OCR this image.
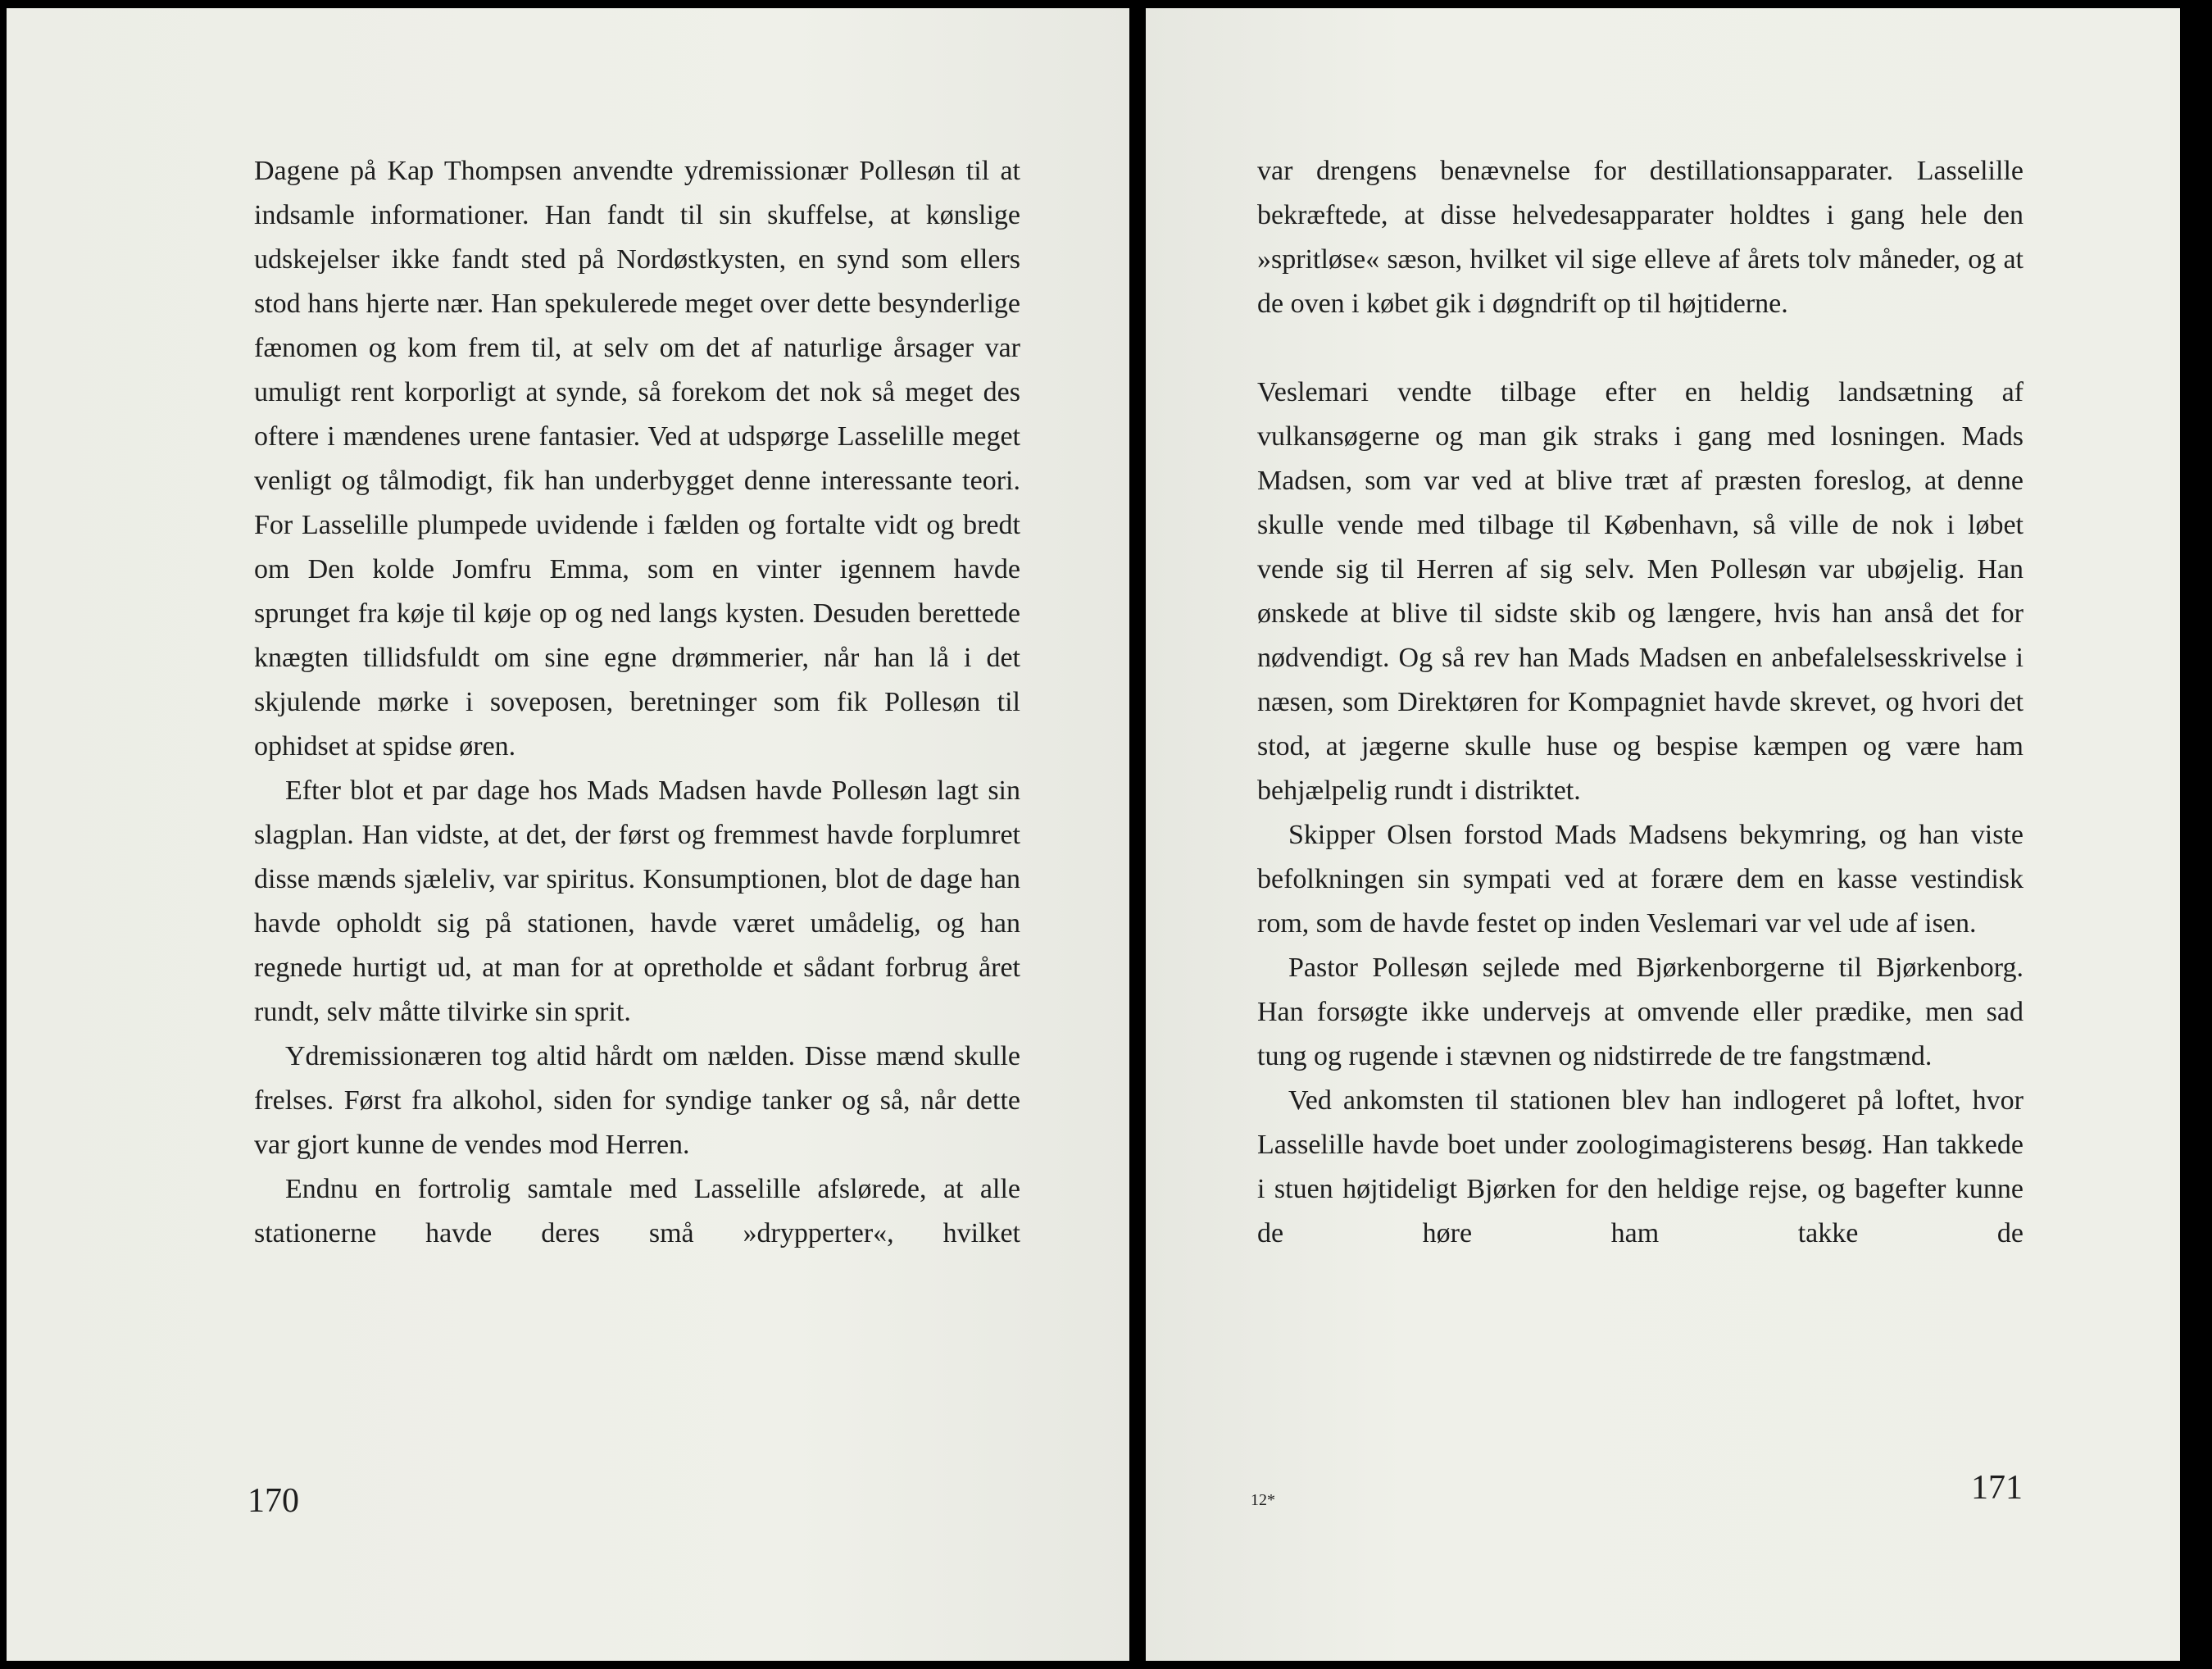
Dagene på Kap Thompsen anvendte ydremissionær Pollesøn til at indsamle informationer. Han fandt til sin skuffelse, at kønslige udskejelser ikke fandt sted på Nordøstkysten, en synd som ellers stod hans hjerte nær. Han spekulerede meget over dette besynderlige fænomen og kom frem til, at selv om det af naturlige årsager var umuligt rent korporligt at synde, så forekom det nok så meget des oftere i mændenes urene fantasier. Ved at udspørge Lasselille meget venligt og tålmodigt, fik han underbygget denne interessante teori. For Lasselille plumpede uvidende i fælden og fortalte vidt og bredt om Den kolde Jomfru Emma, som en vinter igennem havde sprunget fra køje til køje op og ned langs kysten. Desuden berettede knægten tillidsfuldt om sine egne drømmerier, når han lå i det skjulende mørke i soveposen, beretninger som fik Pollesøn til ophidset at spidse øren.

Efter blot et par dage hos Mads Madsen havde Pollesøn lagt sin slagplan. Han vidste, at det, der først og fremmest havde forplumret disse mænds sjæleliv, var spiritus. Konsumptionen, blot de dage han havde opholdt sig på stationen, havde været umådelig, og han regnede hurtigt ud, at man for at opretholde et sådant forbrug året rundt, selv måtte tilvirke sin sprit.

Ydremissionæren tog altid hårdt om nælden. Disse mænd skulle frelses. Først fra alkohol, siden for syndige tanker og så, når dette var gjort kunne de vendes mod Herren.

Endnu en fortrolig samtale med Lasselille afslørede, at alle stationerne havde deres små »drypperter«, hvilket

170

var drengens benævnelse for destillationsapparater. Lasselille bekræftede, at disse helvedesapparater holdtes i gang hele den »spritløse« sæson, hvilket vil sige elleve af årets tolv måneder, og at de oven i købet gik i døgndrift op til højtiderne.

Veslemari vendte tilbage efter en heldig landsætning af vulkansøgerne og man gik straks i gang med losningen. Mads Madsen, som var ved at blive træt af præsten foreslog, at denne skulle vende med tilbage til København, så ville de nok i løbet vende sig til Herren af sig selv. Men Pollesøn var ubøjelig. Han ønskede at blive til sidste skib og længere, hvis han anså det for nødvendigt. Og så rev han Mads Madsen en anbefalelsesskrivelse i næsen, som Direktøren for Kompagniet havde skrevet, og hvori det stod, at jægerne skulle huse og bespise kæmpen og være ham behjælpelig rundt i distriktet.

Skipper Olsen forstod Mads Madsens bekymring, og han viste befolkningen sin sympati ved at forære dem en kasse vestindisk rom, som de havde festet op inden Veslemari var vel ude af isen.

Pastor Pollesøn sejlede med Bjørkenborgerne til Bjørkenborg. Han forsøgte ikke undervejs at omvende eller prædike, men sad tung og rugende i stævnen og nidstirrede de tre fangstmænd.

Ved ankomsten til stationen blev han indlogeret på loftet, hvor Lasselille havde boet under zoologimagisterens besøg. Han takkede i stuen højtideligt Bjørken for den heldige rejse, og bagefter kunne de høre ham takke de

12*	171
